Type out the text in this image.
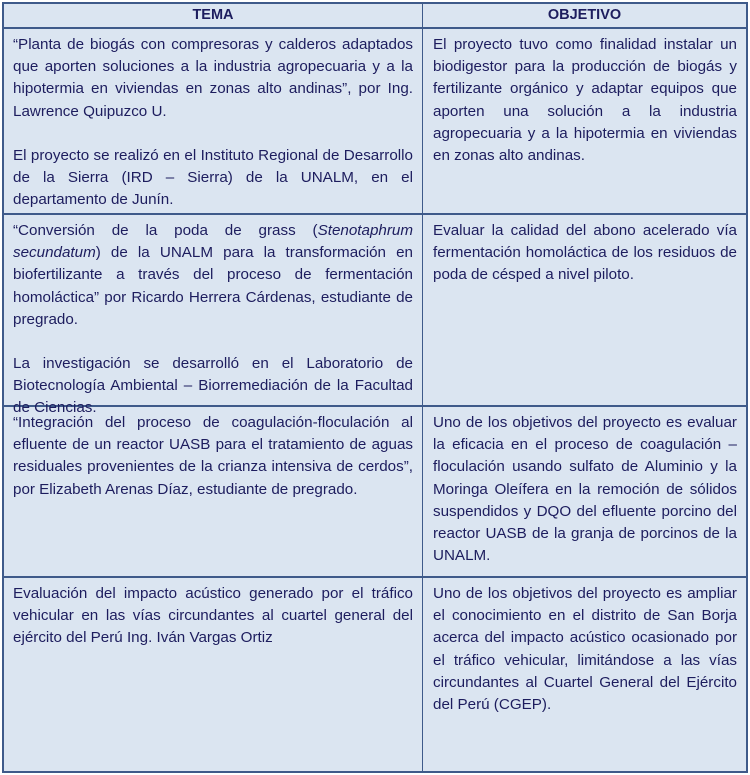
TEMA	OBJETIVO

“Planta de biogás con compresoras y calderos adaptados que aporten soluciones a la industria agropecuaria y a la hipotermia en viviendas en zonas alto andinas”, por Ing. Lawrence Quipuzco U.

El proyecto se realizó en el Instituto Regional de Desarrollo de la Sierra (IRD – Sierra) de la UNALM, en el departamento de Junín.

El proyecto tuvo como finalidad instalar un biodigestor para la producción de biogás y fertilizante orgánico y adaptar equipos que aporten una solución a la industria agropecuaria y a la hipotermia en viviendas en zonas alto andinas.

“Conversión de la poda de grass (Stenotaphrum secundatum) de la UNALM para la transformación en biofertilizante a través del proceso de fermentación homoláctica” por Ricardo Herrera Cárdenas, estudiante de pregrado.

La investigación se desarrolló en el Laboratorio de Biotecnología Ambiental – Biorremediación de la Facultad de Ciencias.

Evaluar la calidad del abono acelerado vía fermentación homoláctica de los residuos de poda de césped a nivel piloto.

“Integración del proceso de coagulación-floculación al efluente de un reactor UASB para el tratamiento de aguas residuales provenientes de la crianza intensiva de cerdos”, por Elizabeth Arenas Díaz, estudiante de pregrado.

Uno de los objetivos del proyecto es evaluar la eficacia en el proceso de coagulación – floculación usando sulfato de Aluminio y la Moringa Oleífera en la remoción de sólidos suspendidos y DQO del efluente porcino del reactor UASB de la granja de porcinos de la UNALM.

Evaluación del impacto acústico generado por el tráfico vehicular en las vías circundantes al cuartel general del ejército del Perú Ing. Iván Vargas Ortiz

Uno de los objetivos del proyecto es ampliar el conocimiento en el distrito de San Borja acerca del impacto acústico ocasionado por el tráfico vehicular, limitándose a las vías circundantes al Cuartel General del Ejército del Perú (CGEP).
